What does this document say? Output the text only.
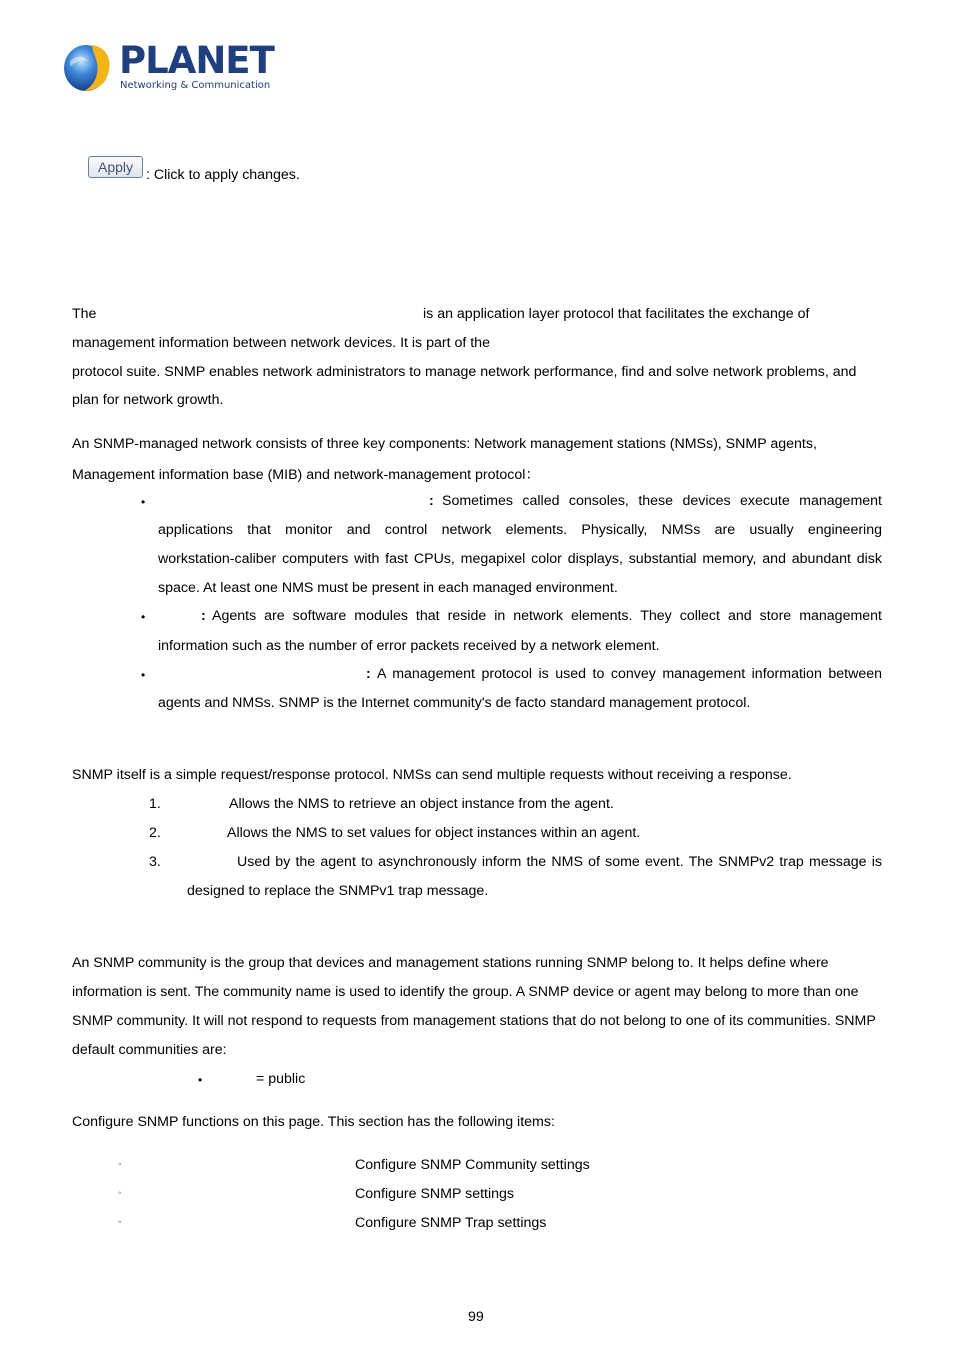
PLANET
Networking & Communication
Apply : Click to apply changes.
The	is an application layer protocol that facilitates the exchange of
management information between network devices. It is part of the
protocol suite. SNMP enables network administrators to manage network performance, find and solve network problems, and
plan for network growth.
An SNMP-managed network consists of three key components: Network management stations (NMSs), SNMP agents,
Management information base (MIB) and network-management protocol：
•	: Sometimes called consoles, these devices execute management
applications that monitor and control network elements. Physically, NMSs are usually engineering
workstation-caliber computers with fast CPUs, megapixel color displays, substantial memory, and abundant disk
space. At least one NMS must be present in each managed environment.
•	: Agents are software modules that reside in network elements. They collect and store management
information such as the number of error packets received by a network element.
•	: A management protocol is used to convey management information between
agents and NMSs. SNMP is the Internet community's de facto standard management protocol.
SNMP itself is a simple request/response protocol. NMSs can send multiple requests without receiving a response.
1.	Allows the NMS to retrieve an object instance from the agent.
2.	Allows the NMS to set values for object instances within an agent.
3.	Used by the agent to asynchronously inform the NMS of some event. The SNMPv2 trap message is
designed to replace the SNMPv1 trap message.
An SNMP community is the group that devices and management stations running SNMP belong to. It helps define where
information is sent. The community name is used to identify the group. A SNMP device or agent may belong to more than one
SNMP community. It will not respond to requests from management stations that do not belong to one of its communities. SNMP
default communities are:
•	= public
Configure SNMP functions on this page. This section has the following items:
◦	Configure SNMP Community settings
◦	Configure SNMP settings
◦	Configure SNMP Trap settings
99
